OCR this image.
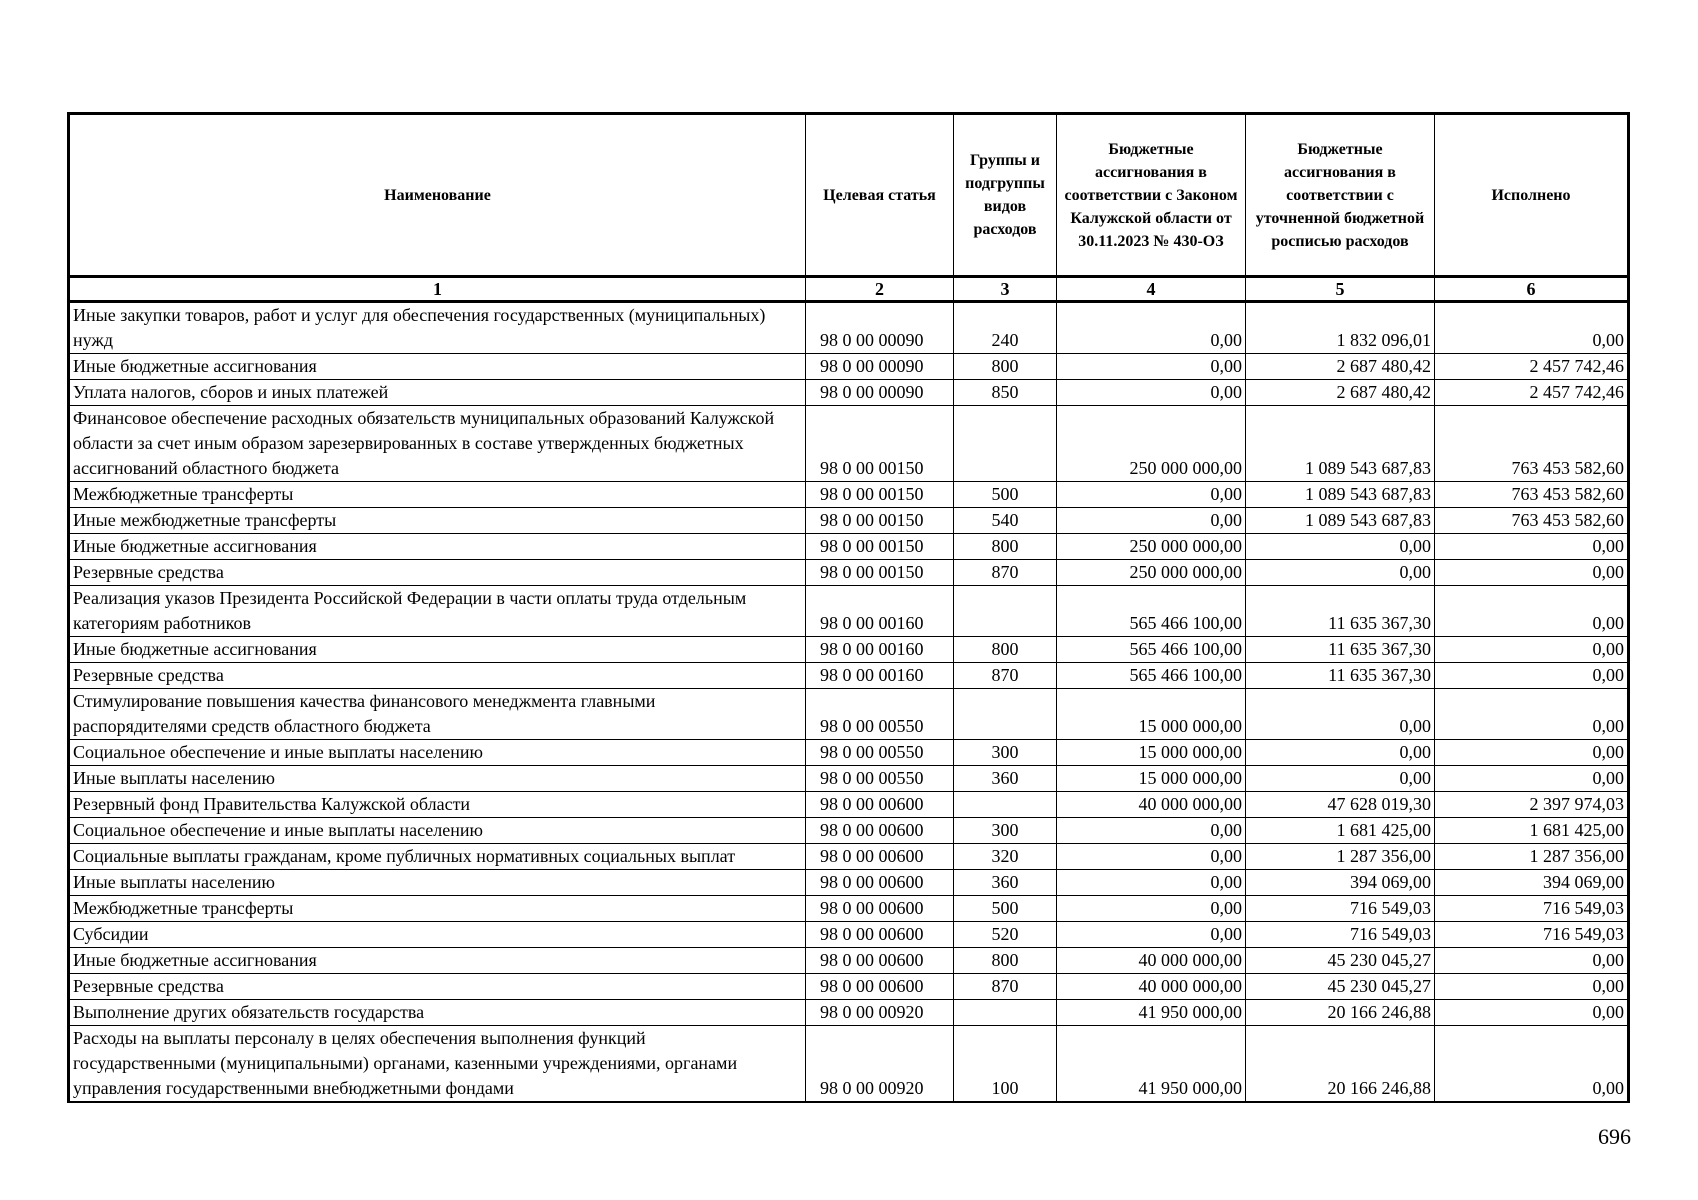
Наименование	Целевая статья	Группы и подгруппы видов расходов	Бюджетные ассигнования в соответствии с Законом Калужской области от 30.11.2023 № 430-ОЗ	Бюджетные ассигнования в соответствии с уточненной бюджетной росписью расходов	Исполнено
1	2	3	4	5	6
Иные закупки товаров, работ и услуг для обеспечения государственных (муниципальных) нужд	98 0 00 00090	240	0,00	1 832 096,01	0,00
Иные бюджетные ассигнования	98 0 00 00090	800	0,00	2 687 480,42	2 457 742,46
Уплата налогов, сборов и иных платежей	98 0 00 00090	850	0,00	2 687 480,42	2 457 742,46
Финансовое обеспечение расходных обязательств муниципальных образований Калужской области за счет иным образом зарезервированных в составе утвержденных бюджетных ассигнований областного бюджета	98 0 00 00150		250 000 000,00	1 089 543 687,83	763 453 582,60
Межбюджетные трансферты	98 0 00 00150	500	0,00	1 089 543 687,83	763 453 582,60
Иные межбюджетные трансферты	98 0 00 00150	540	0,00	1 089 543 687,83	763 453 582,60
Иные бюджетные ассигнования	98 0 00 00150	800	250 000 000,00	0,00	0,00
Резервные средства	98 0 00 00150	870	250 000 000,00	0,00	0,00
Реализация указов Президента Российской Федерации в части оплаты труда отдельным категориям работников	98 0 00 00160		565 466 100,00	11 635 367,30	0,00
Иные бюджетные ассигнования	98 0 00 00160	800	565 466 100,00	11 635 367,30	0,00
Резервные средства	98 0 00 00160	870	565 466 100,00	11 635 367,30	0,00
Стимулирование повышения качества финансового менеджмента главными распорядителями средств областного бюджета	98 0 00 00550		15 000 000,00	0,00	0,00
Социальное обеспечение и иные выплаты населению	98 0 00 00550	300	15 000 000,00	0,00	0,00
Иные выплаты населению	98 0 00 00550	360	15 000 000,00	0,00	0,00
Резервный фонд Правительства Калужской области	98 0 00 00600		40 000 000,00	47 628 019,30	2 397 974,03
Социальное обеспечение и иные выплаты населению	98 0 00 00600	300	0,00	1 681 425,00	1 681 425,00
Социальные выплаты гражданам, кроме публичных нормативных социальных выплат	98 0 00 00600	320	0,00	1 287 356,00	1 287 356,00
Иные выплаты населению	98 0 00 00600	360	0,00	394 069,00	394 069,00
Межбюджетные трансферты	98 0 00 00600	500	0,00	716 549,03	716 549,03
Субсидии	98 0 00 00600	520	0,00	716 549,03	716 549,03
Иные бюджетные ассигнования	98 0 00 00600	800	40 000 000,00	45 230 045,27	0,00
Резервные средства	98 0 00 00600	870	40 000 000,00	45 230 045,27	0,00
Выполнение других обязательств государства	98 0 00 00920		41 950 000,00	20 166 246,88	0,00
Расходы на выплаты персоналу в целях обеспечения выполнения функций государственными (муниципальными) органами, казенными учреждениями, органами управления государственными внебюджетными фондами	98 0 00 00920	100	41 950 000,00	20 166 246,88	0,00
696
